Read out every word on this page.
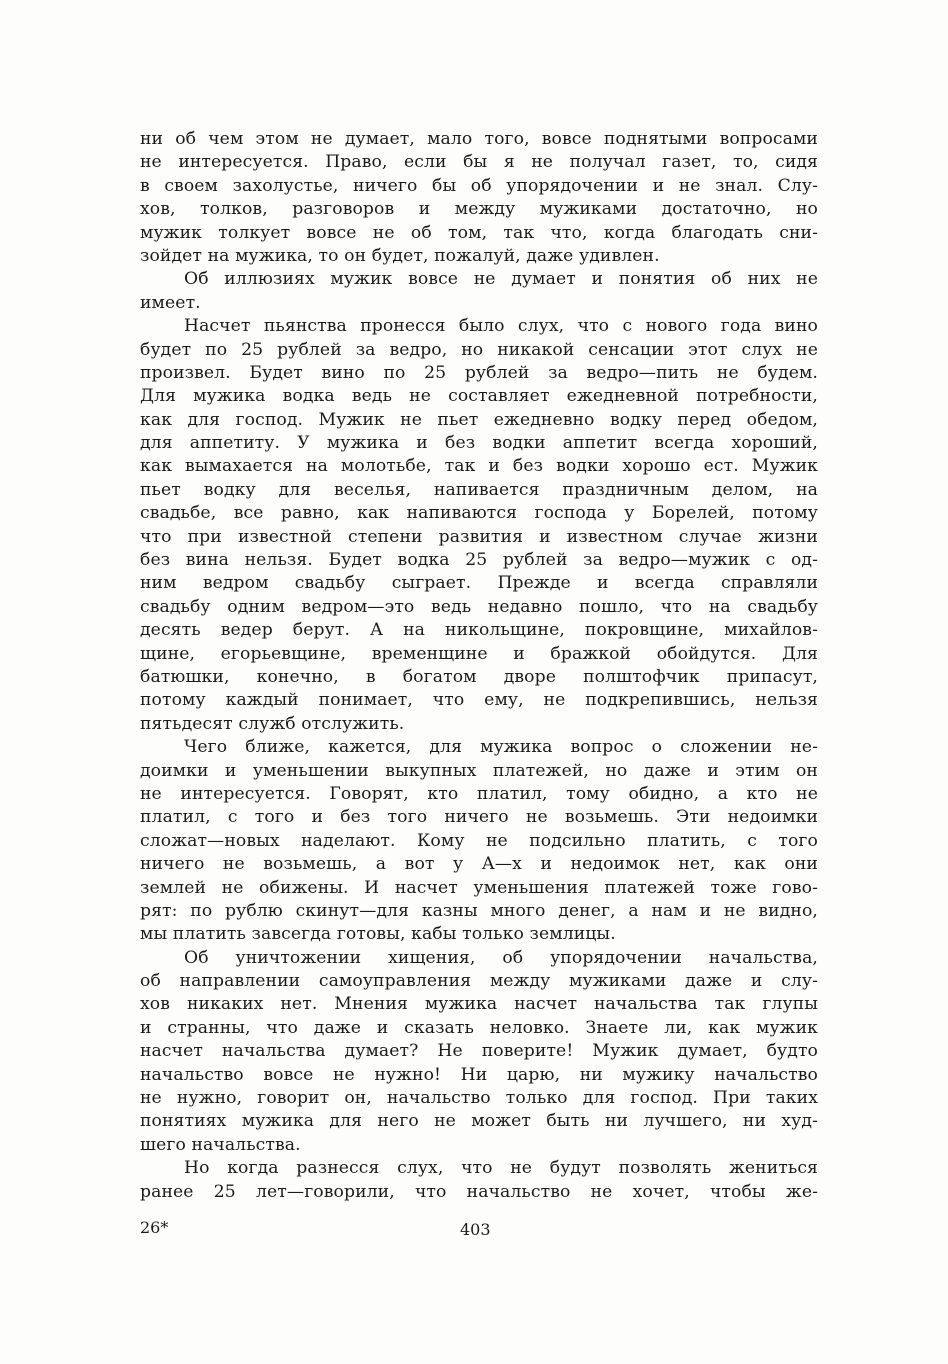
ни об чем этом не думает, мало того, вовсе поднятыми вопросами
не интересуется. Право, если бы я не получал газет, то, сидя
в своем захолустье, ничего бы об упорядочении и не знал. Слу-
хов, толков, разговоров и между мужиками достаточно, но
мужик толкует вовсе не об том, так что, когда благодать сни-
зойдет на мужика, то он будет, пожалуй, даже удивлен.
Об иллюзиях мужик вовсе не думает и понятия об них не
имеет.
Насчет пьянства пронесся было слух, что с нового года вино
будет по 25 рублей за ведро, но никакой сенсации этот слух не
произвел. Будет вино по 25 рублей за ведро—пить не будем.
Для мужика водка ведь не составляет ежедневной потребности,
как для господ. Мужик не пьет ежедневно водку перед обедом,
для аппетиту. У мужика и без водки аппетит всегда хороший,
как вымахается на молотьбе, так и без водки хорошо ест. Мужик
пьет водку для веселья, напивается праздничным делом, на
свадьбе, все равно, как напиваются господа у Борелей, потому
что при известной степени развития и известном случае жизни
без вина нельзя. Будет водка 25 рублей за ведро—мужик с од-
ним ведром свадьбу сыграет. Прежде и всегда справляли
свадьбу одним ведром—это ведь недавно пошло, что на свадьбу
десять ведер берут. А на никольщине, покровщине, михайлов-
щине, егорьевщине, временщине и бражкой обойдутся. Для
батюшки, конечно, в богатом дворе полштофчик припасут,
потому каждый понимает, что ему, не подкрепившись, нельзя
пятьдесят служб отслужить.
Чего ближе, кажется, для мужика вопрос о сложении не-
доимки и уменьшении выкупных платежей, но даже и этим он
не интересуется. Говорят, кто платил, тому обидно, а кто не
платил, с того и без того ничего не возьмешь. Эти недоимки
сложат—новых наделают. Кому не подсильно платить, с того
ничего не возьмешь, а вот у А—х и недоимок нет, как они
землей не обижены. И насчет уменьшения платежей тоже гово-
рят: по рублю скинут—для казны много денег, а нам и не видно,
мы платить завсегда готовы, кабы только землицы.
Об уничтожении хищения, об упорядочении начальства,
об направлении самоуправления между мужиками даже и слу-
хов никаких нет. Мнения мужика насчет начальства так глупы
и странны, что даже и сказать неловко. Знаете ли, как мужик
насчет начальства думает? Не поверите! Мужик думает, будто
начальство вовсе не нужно! Ни царю, ни мужику начальство
не нужно, говорит он, начальство только для господ. При таких
понятиях мужика для него не может быть ни лучшего, ни худ-
шего начальства.
Но когда разнесся слух, что не будут позволять жениться
ранее 25 лет—говорили, что начальство не хочет, чтобы же-
26*	403
